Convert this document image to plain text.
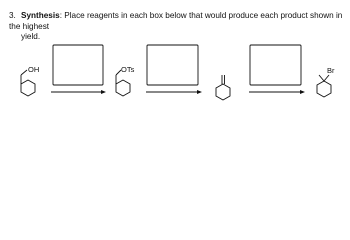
3. Synthesis: Place reagents in each box below that would produce each product shown in the highest
yield.
OH	OTs	Br
